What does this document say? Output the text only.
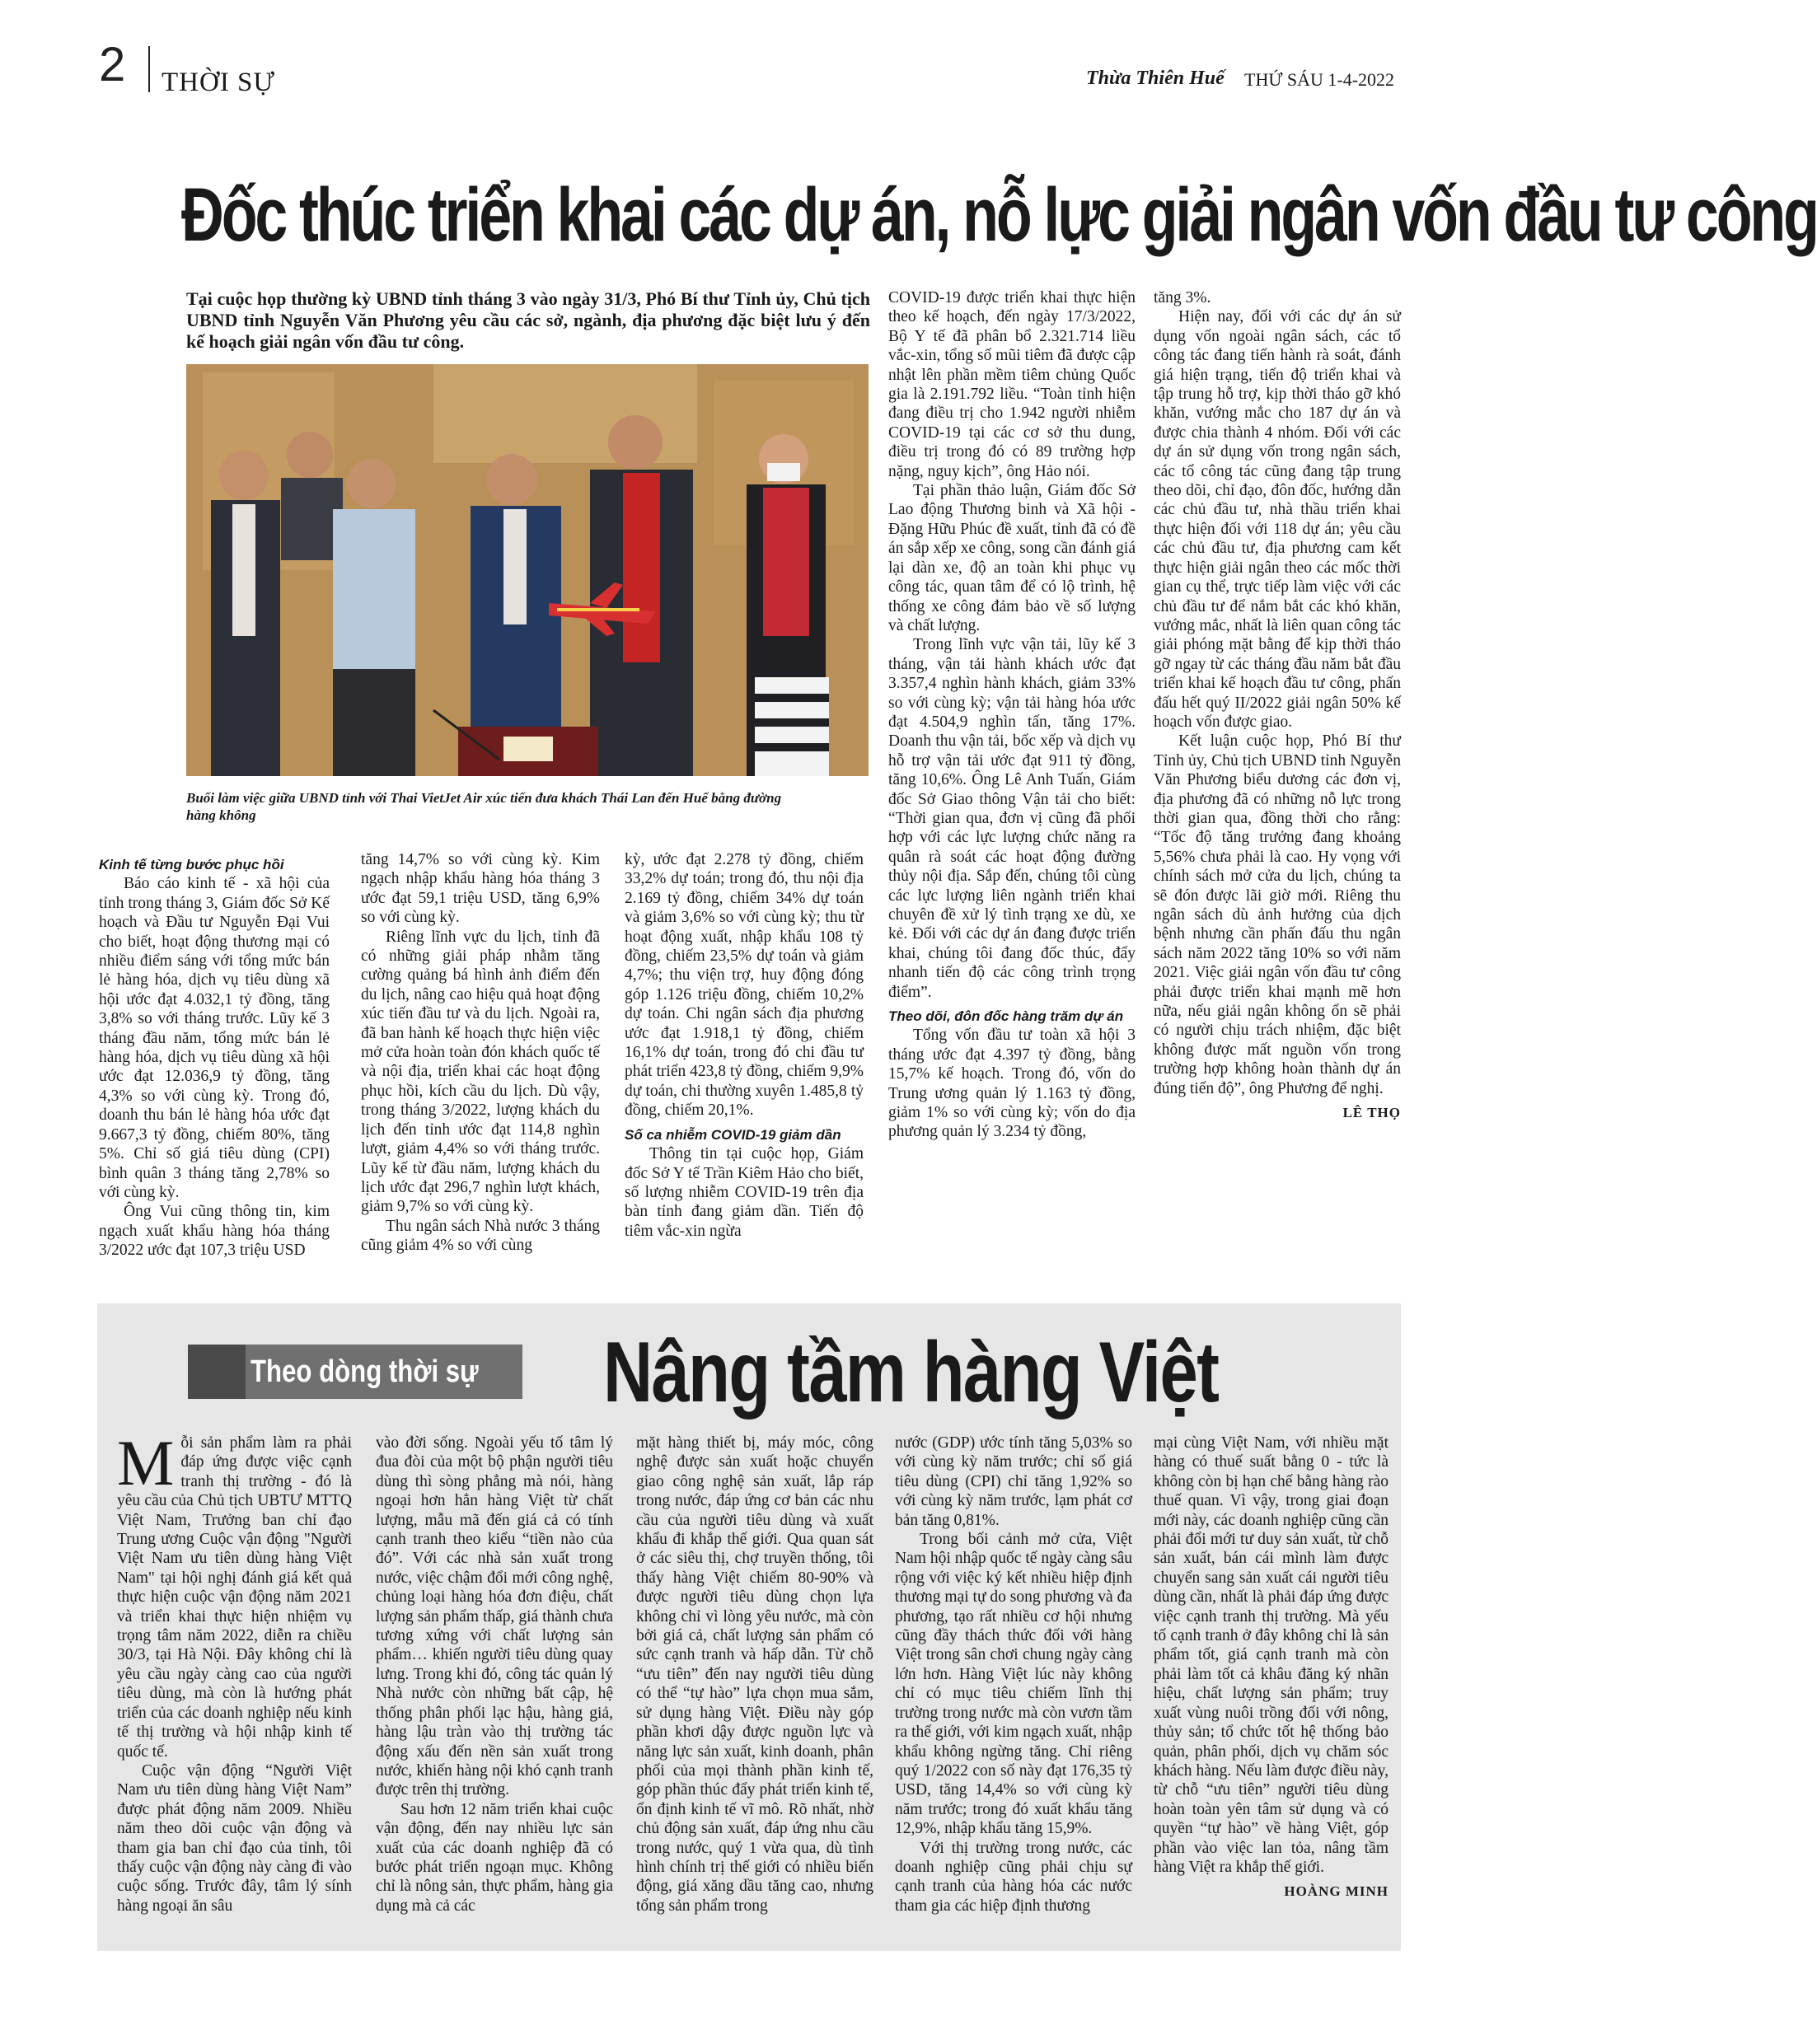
2 THỜI SỰ	Thừa Thiên Huế THỨ SÁU 1-4-2022
Đốc thúc triển khai các dự án, nỗ lực giải ngân vốn đầu tư công
Tại cuộc họp thường kỳ UBND tỉnh tháng 3 vào ngày 31/3, Phó Bí thư Tỉnh ủy, Chủ tịch UBND tỉnh Nguyễn Văn Phương yêu cầu các sở, ngành, địa phương đặc biệt lưu ý đến kế hoạch giải ngân vốn đầu tư công.
Buổi làm việc giữa UBND tỉnh với Thai VietJet Air xúc tiến đưa khách Thái Lan đến Huế bằng đường hàng không
Kinh tế từng bước phục hồi

Báo cáo kinh tế - xã hội của tỉnh trong tháng 3, Giám đốc Sở Kế hoạch và Đầu tư Nguyễn Đại Vui cho biết, hoạt động thương mại có nhiều điểm sáng với tổng mức bán lẻ hàng hóa, dịch vụ tiêu dùng xã hội ước đạt 4.032,1 tỷ đồng, tăng 3,8% so với tháng trước. Lũy kế 3 tháng đầu năm, tổng mức bán lẻ hàng hóa, dịch vụ tiêu dùng xã hội ước đạt 12.036,9 tỷ đồng, tăng 4,3% so với cùng kỳ. Trong đó, doanh thu bán lẻ hàng hóa ước đạt 9.667,3 tỷ đồng, chiếm 80%, tăng 5%. Chỉ số giá tiêu dùng (CPI) bình quân 3 tháng tăng 2,78% so với cùng kỳ.

Ông Vui cũng thông tin, kim ngạch xuất khẩu hàng hóa tháng 3/2022 ước đạt 107,3 triệu USD

tăng 14,7% so với cùng kỳ. Kim ngạch nhập khẩu hàng hóa tháng 3 ước đạt 59,1 triệu USD, tăng 6,9% so với cùng kỳ.

Riêng lĩnh vực du lịch, tỉnh đã có những giải pháp nhằm tăng cường quảng bá hình ảnh điểm đến du lịch, nâng cao hiệu quả hoạt động xúc tiến đầu tư và du lịch. Ngoài ra, đã ban hành kế hoạch thực hiện việc mở cửa hoàn toàn đón khách quốc tế và nội địa, triển khai các hoạt động phục hồi, kích cầu du lịch. Dù vậy, trong tháng 3/2022, lượng khách du lịch đến tỉnh ước đạt 114,8 nghìn lượt, giảm 4,4% so với tháng trước. Lũy kế từ đầu năm, lượng khách du lịch ước đạt 296,7 nghìn lượt khách, giảm 9,7% so với cùng kỳ.

Thu ngân sách Nhà nước 3 tháng cũng giảm 4% so với cùng

kỳ, ước đạt 2.278 tỷ đồng, chiếm 33,2% dự toán; trong đó, thu nội địa 2.169 tỷ đồng, chiếm 34% dự toán và giảm 3,6% so với cùng kỳ; thu từ hoạt động xuất, nhập khẩu 108 tỷ đồng, chiếm 23,5% dự toán và giảm 4,7%; thu viện trợ, huy động đóng góp 1.126 triệu đồng, chiếm 10,2% dự toán. Chi ngân sách địa phương ước đạt 1.918,1 tỷ đồng, chiếm 16,1% dự toán, trong đó chi đầu tư phát triển 423,8 tỷ đồng, chiếm 9,9% dự toán, chi thường xuyên 1.485,8 tỷ đồng, chiếm 20,1%.

Số ca nhiễm COVID-19 giảm dần

Thông tin tại cuộc họp, Giám đốc Sở Y tế Trần Kiêm Hảo cho biết, số lượng nhiễm COVID-19 trên địa bàn tỉnh đang giảm dần. Tiến độ tiêm vắc-xin ngừa

COVID-19 được triển khai thực hiện theo kế hoạch, đến ngày 17/3/2022, Bộ Y tế đã phân bổ 2.321.714 liều vắc-xin, tổng số mũi tiêm đã được cập nhật lên phần mềm tiêm chủng Quốc gia là 2.191.792 liều. “Toàn tỉnh hiện đang điều trị cho 1.942 người nhiễm COVID-19 tại các cơ sở thu dung, điều trị trong đó có 89 trường hợp nặng, nguy kịch”, ông Hảo nói.

Tại phần thảo luận, Giám đốc Sở Lao động Thương binh và Xã hội - Đặng Hữu Phúc đề xuất, tỉnh đã có đề án sắp xếp xe công, song cần đánh giá lại dàn xe, độ an toàn khi phục vụ công tác, quan tâm để có lộ trình, hệ thống xe công đảm bảo về số lượng và chất lượng.

Trong lĩnh vực vận tải, lũy kế 3 tháng, vận tải hành khách ước đạt 3.357,4 nghìn hành khách, giảm 33% so với cùng kỳ; vận tải hàng hóa ước đạt 4.504,9 nghìn tấn, tăng 17%. Doanh thu vận tải, bốc xếp và dịch vụ hỗ trợ vận tải ước đạt 911 tỷ đồng, tăng 10,6%. Ông Lê Anh Tuấn, Giám đốc Sở Giao thông Vận tải cho biết: “Thời gian qua, đơn vị cũng đã phối hợp với các lực lượng chức năng ra quân rà soát các hoạt động đường thủy nội địa. Sắp đến, chúng tôi cùng các lực lượng liên ngành triển khai chuyên đề xử lý tình trạng xe dù, xe kẻ. Đối với các dự án đang được triển khai, chúng tôi đang đốc thúc, đẩy nhanh tiến độ các công trình trọng điểm”.

Theo dõi, đôn đốc hàng trăm dự án

Tổng vốn đầu tư toàn xã hội 3 tháng ước đạt 4.397 tỷ đồng, bằng 15,7% kế hoạch. Trong đó, vốn do Trung ương quản lý 1.163 tỷ đồng, giảm 1% so với cùng kỳ; vốn do địa phương quản lý 3.234 tỷ đồng,

tăng 3%.

Hiện nay, đối với các dự án sử dụng vốn ngoài ngân sách, các tổ công tác đang tiến hành rà soát, đánh giá hiện trạng, tiến độ triển khai và tập trung hỗ trợ, kịp thời tháo gỡ khó khăn, vướng mắc cho 187 dự án và được chia thành 4 nhóm. Đối với các dự án sử dụng vốn trong ngân sách, các tổ công tác cũng đang tập trung theo dõi, chỉ đạo, đôn đốc, hướng dẫn các chủ đầu tư, nhà thầu triển khai thực hiện đối với 118 dự án; yêu cầu các chủ đầu tư, địa phương cam kết thực hiện giải ngân theo các mốc thời gian cụ thể, trực tiếp làm việc với các chủ đầu tư để nắm bắt các khó khăn, vướng mắc, nhất là liên quan công tác giải phóng mặt bằng để kịp thời tháo gỡ ngay từ các tháng đầu năm bắt đầu triển khai kế hoạch đầu tư công, phấn đấu hết quý II/2022 giải ngân 50% kế hoạch vốn được giao.

Kết luận cuộc họp, Phó Bí thư Tỉnh ủy, Chủ tịch UBND tỉnh Nguyễn Văn Phương biểu dương các đơn vị, địa phương đã có những nỗ lực trong thời gian qua, đồng thời cho rằng: “Tốc độ tăng trưởng đang khoảng 5,56% chưa phải là cao. Hy vọng với chính sách mở cửa du lịch, chúng ta sẽ đón được lãi giờ mới. Riêng thu ngân sách dù ảnh hưởng của dịch bệnh nhưng cần phấn đấu thu ngân sách năm 2022 tăng 10% so với năm 2021. Việc giải ngân vốn đầu tư công phải được triển khai mạnh mẽ hơn nữa, nếu giải ngân không ổn sẽ phải có người chịu trách nhiệm, đặc biệt không được mất nguồn vốn trong trường hợp không hoàn thành dự án đúng tiến độ”, ông Phương để nghị.

LÊ THỌ
Theo dòng thời sự Nâng tầm hàng Việt

Mỗi sản phẩm làm ra phải đáp ứng được việc cạnh tranh thị trường - đó là yêu cầu của Chủ tịch UBTƯ MTTQ Việt Nam, Trưởng ban chỉ đạo Trung ương Cuộc vận động "Người Việt Nam ưu tiên dùng hàng Việt Nam" tại hội nghị đánh giá kết quả thực hiện cuộc vận động năm 2021 và triển khai thực hiện nhiệm vụ trọng tâm năm 2022, diễn ra chiều 30/3, tại Hà Nội. Đây không chỉ là yêu cầu ngày càng cao của người tiêu dùng, mà còn là hướng phát triển của các doanh nghiệp nếu kinh tế thị trường và hội nhập kinh tế quốc tế.

Cuộc vận động “Người Việt Nam ưu tiên dùng hàng Việt Nam” được phát động năm 2009. Nhiều năm theo dõi cuộc vận động và tham gia ban chỉ đạo của tỉnh, tôi thấy cuộc vận động này càng đi vào cuộc sống. Trước đây, tâm lý sính hàng ngoại ăn sâu

vào đời sống. Ngoài yếu tố tâm lý đua đòi của một bộ phận người tiêu dùng thì sòng phẳng mà nói, hàng ngoại hơn hẳn hàng Việt từ chất lượng, mẫu mã đến giá cả có tính cạnh tranh theo kiểu “tiền nào của đó”. Với các nhà sản xuất trong nước, việc chậm đổi mới công nghệ, chủng loại hàng hóa đơn điệu, chất lượng sản phẩm thấp, giá thành chưa tương xứng với chất lượng sản phẩm… khiến người tiêu dùng quay lưng. Trong khi đó, công tác quản lý Nhà nước còn những bất cập, hệ thống phân phối lạc hậu, hàng giả, hàng lậu tràn vào thị trường tác động xấu đến nền sản xuất trong nước, khiến hàng nội khó cạnh tranh được trên thị trường.

Sau hơn 12 năm triển khai cuộc vận động, đến nay nhiều lực sản xuất của các doanh nghiệp đã có bước phát triển ngoạn mục. Không chỉ là nông sản, thực phẩm, hàng gia dụng mà cả các

mặt hàng thiết bị, máy móc, công nghệ được sản xuất hoặc chuyển giao công nghệ sản xuất, lắp ráp trong nước, đáp ứng cơ bản các nhu cầu của người tiêu dùng và xuất khẩu đi khắp thế giới. Qua quan sát ở các siêu thị, chợ truyền thống, tôi thấy hàng Việt chiếm 80-90% và được người tiêu dùng chọn lựa không chỉ vì lòng yêu nước, mà còn bởi giá cả, chất lượng sản phẩm có sức cạnh tranh và hấp dẫn. Từ chỗ “ưu tiên” đến nay người tiêu dùng có thể “tự hào” lựa chọn mua sắm, sử dụng hàng Việt. Điều này góp phần khơi dậy được nguồn lực và năng lực sản xuất, kinh doanh, phân phối của mọi thành phần kinh tế, góp phần thúc đẩy phát triển kinh tế, ổn định kinh tế vĩ mô. Rõ nhất, nhờ chủ động sản xuất, đáp ứng nhu cầu trong nước, quý 1 vừa qua, dù tình hình chính trị thế giới có nhiều biến động, giá xăng dầu tăng cao, nhưng tổng sản phẩm trong

nước (GDP) ước tính tăng 5,03% so với cùng kỳ năm trước; chỉ số giá tiêu dùng (CPI) chỉ tăng 1,92% so với cùng kỳ năm trước, lạm phát cơ bản tăng 0,81%.

Trong bối cảnh mở cửa, Việt Nam hội nhập quốc tế ngày càng sâu rộng với việc ký kết nhiều hiệp định thương mại tự do song phương và đa phương, tạo rất nhiều cơ hội nhưng cũng đầy thách thức đối với hàng Việt trong sân chơi chung ngày càng lớn hơn. Hàng Việt lúc này không chỉ có mục tiêu chiếm lĩnh thị trường trong nước mà còn vươn tầm ra thế giới, với kim ngạch xuất, nhập khẩu không ngừng tăng. Chỉ riêng quý 1/2022 con số này đạt 176,35 tỷ USD, tăng 14,4% so với cùng kỳ năm trước; trong đó xuất khẩu tăng 12,9%, nhập khẩu tăng 15,9%.

Với thị trường trong nước, các doanh nghiệp cũng phải chịu sự cạnh tranh của hàng hóa các nước tham gia các hiệp định thương

mại cùng Việt Nam, với nhiều mặt hàng có thuế suất bằng 0 - tức là không còn bị hạn chế bằng hàng rào thuế quan. Vì vậy, trong giai đoạn mới này, các doanh nghiệp cũng cần phải đổi mới tư duy sản xuất, từ chỗ sản xuất, bán cái mình làm được chuyển sang sản xuất cái người tiêu dùng cần, nhất là phải đáp ứng được việc cạnh tranh thị trường. Mà yếu tố cạnh tranh ở đây không chỉ là sản phẩm tốt, giá cạnh tranh mà còn phải làm tốt cả khâu đăng ký nhãn hiệu, chất lượng sản phẩm; truy xuất vùng nuôi trồng đối với nông, thủy sản; tổ chức tốt hệ thống bảo quản, phân phối, dịch vụ chăm sóc khách hàng. Nếu làm được điều này, từ chỗ “ưu tiên” người tiêu dùng hoàn toàn yên tâm sử dụng và có quyền “tự hào” về hàng Việt, góp phần vào việc lan tỏa, nâng tầm hàng Việt ra khắp thế giới.

HOÀNG MINH
